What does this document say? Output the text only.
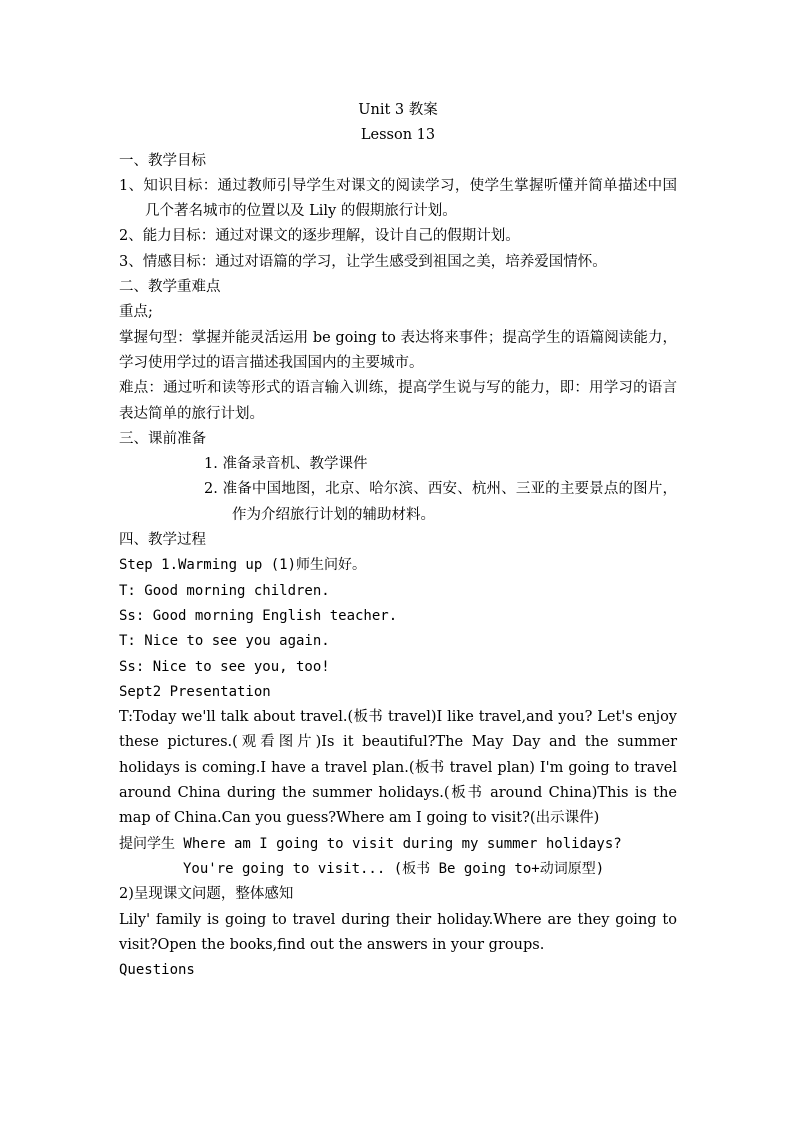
Unit 3 教案

Lesson 13

一、教学目标

1、知识目标：通过教师引导学生对课文的阅读学习，使学生掌握听懂并简单描述中国几个著名城市的位置以及 Lily 的假期旅行计划。

2、能力目标：通过对课文的逐步理解，设计自己的假期计划。

3、情感目标：通过对语篇的学习，让学生感受到祖国之美，培养爱国情怀。

二、教学重难点

重点;

掌握句型：掌握并能灵活运用 be going to 表达将来事件；提高学生的语篇阅读能力，学习使用学过的语言描述我国国内的主要城市。

难点：通过听和读等形式的语言输入训练，提高学生说与写的能力，即：用学习的语言表达简单的旅行计划。

三、课前准备

1. 准备录音机、教学课件

2. 准备中国地图，北京、哈尔滨、西安、杭州、三亚的主要景点的图片，作为介绍旅行计划的辅助材料。

四、教学过程

Step 1.Warming up (1)师生问好。

T: Good morning children.

Ss: Good morning English teacher.

T: Nice to see you again.

Ss: Nice to see you, too!

Sept2 Presentation

T:Today we'll talk about travel.(板书 travel)I like travel,and you? Let's enjoy these pictures.(观看图片)Is it beautiful?The May Day and the summer holidays is coming.I have a travel plan.(板书 travel plan) I'm going to travel around China during the summer holidays.(板书 around China)This is the map of China.Can you guess?Where am I going to visit?(出示课件)

提问学生 Where am I going to visit during my summer holidays?

You're going to visit... (板书 Be going to+动词原型)

2)呈现课文问题，整体感知

Lily' family is going to travel during their holiday.Where are they going to visit?Open the books,find out the answers in your groups.

Questions
